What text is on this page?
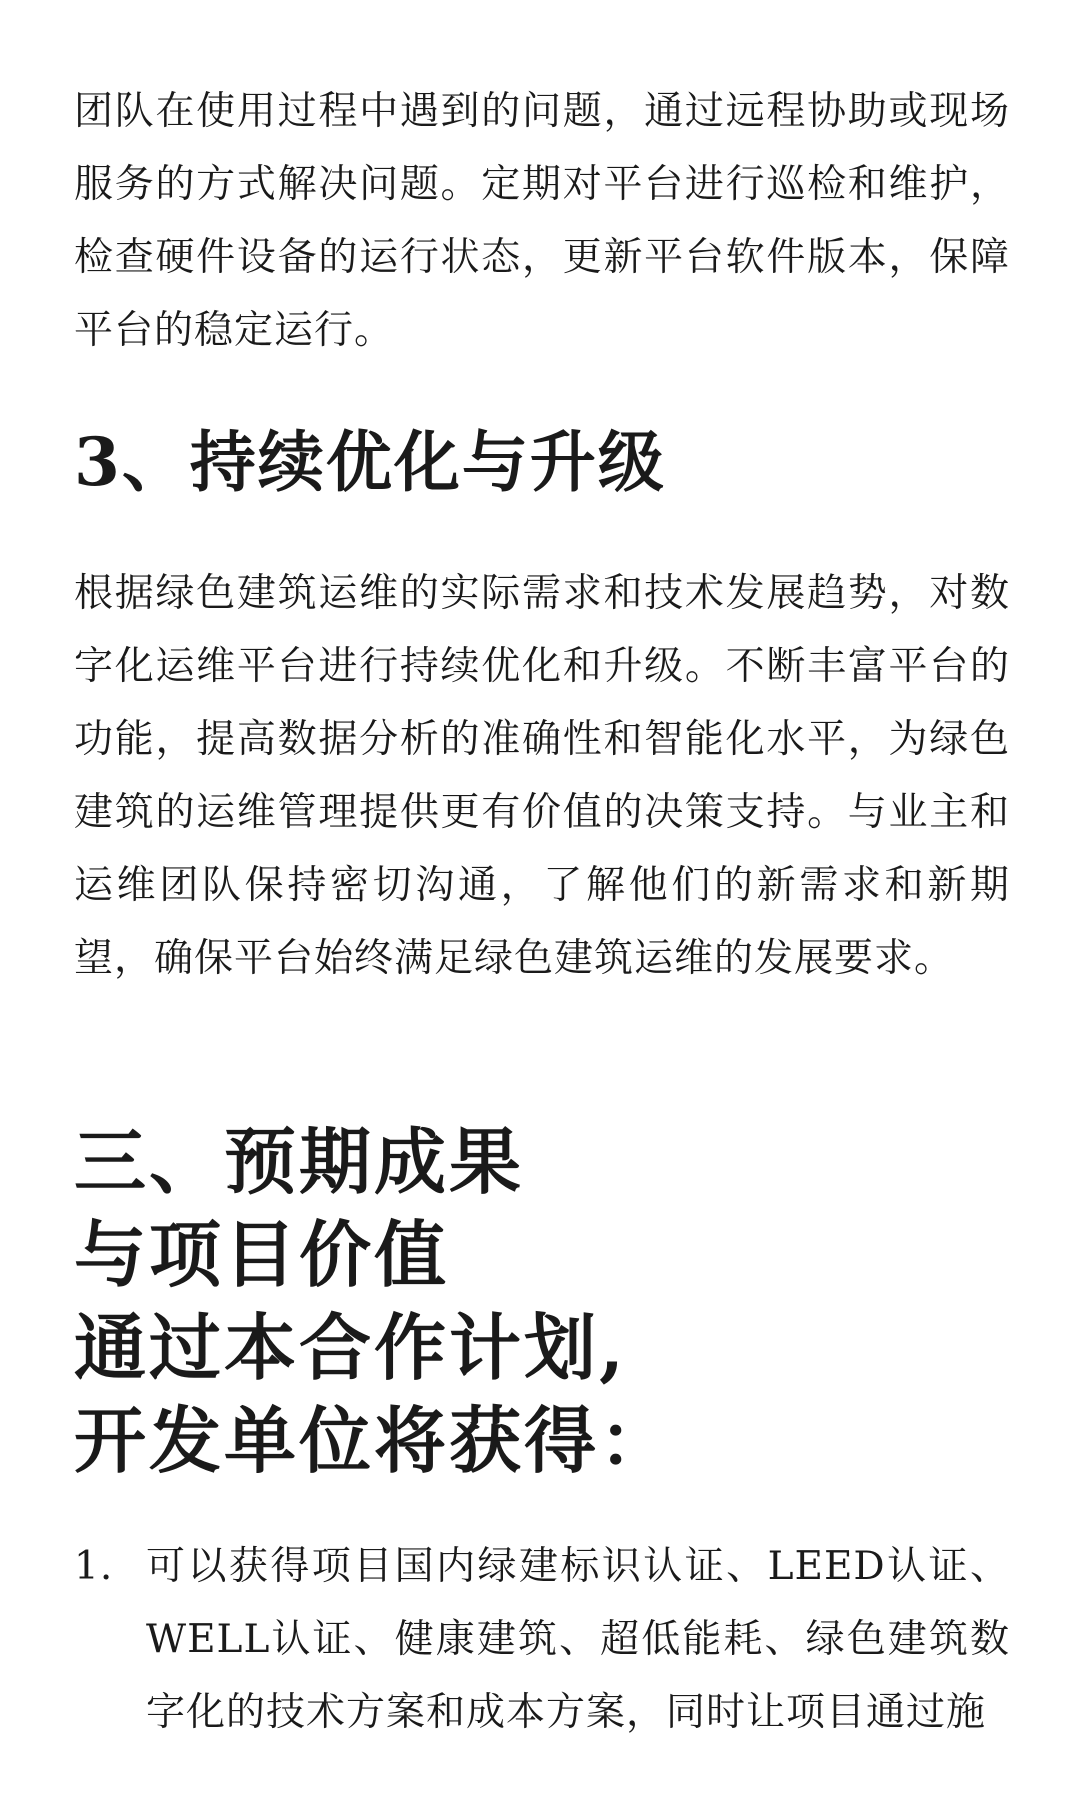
团队在使用过程中遇到的问题，通过远程协助或现场服务的方式解决问题。定期对平台进行巡检和维护，检查硬件设备的运行状态，更新平台软件版本，保障平台的稳定运行。

3、持续优化与升级

根据绿色建筑运维的实际需求和技术发展趋势，对数字化运维平台进行持续优化和升级。不断丰富平台的功能，提高数据分析的准确性和智能化水平，为绿色建筑的运维管理提供更有价值的决策支持。与业主和运维团队保持密切沟通，了解他们的新需求和新期望，确保平台始终满足绿色建筑运维的发展要求。

三、预期成果
与项目价值
通过本合作计划,
开发单位将获得：
1. 可以获得项目国内绿建标识认证、LEED认证、WELL认证、健康建筑、超低能耗、绿色建筑数字化的技术方案和成本方案，同时让项目通过施
